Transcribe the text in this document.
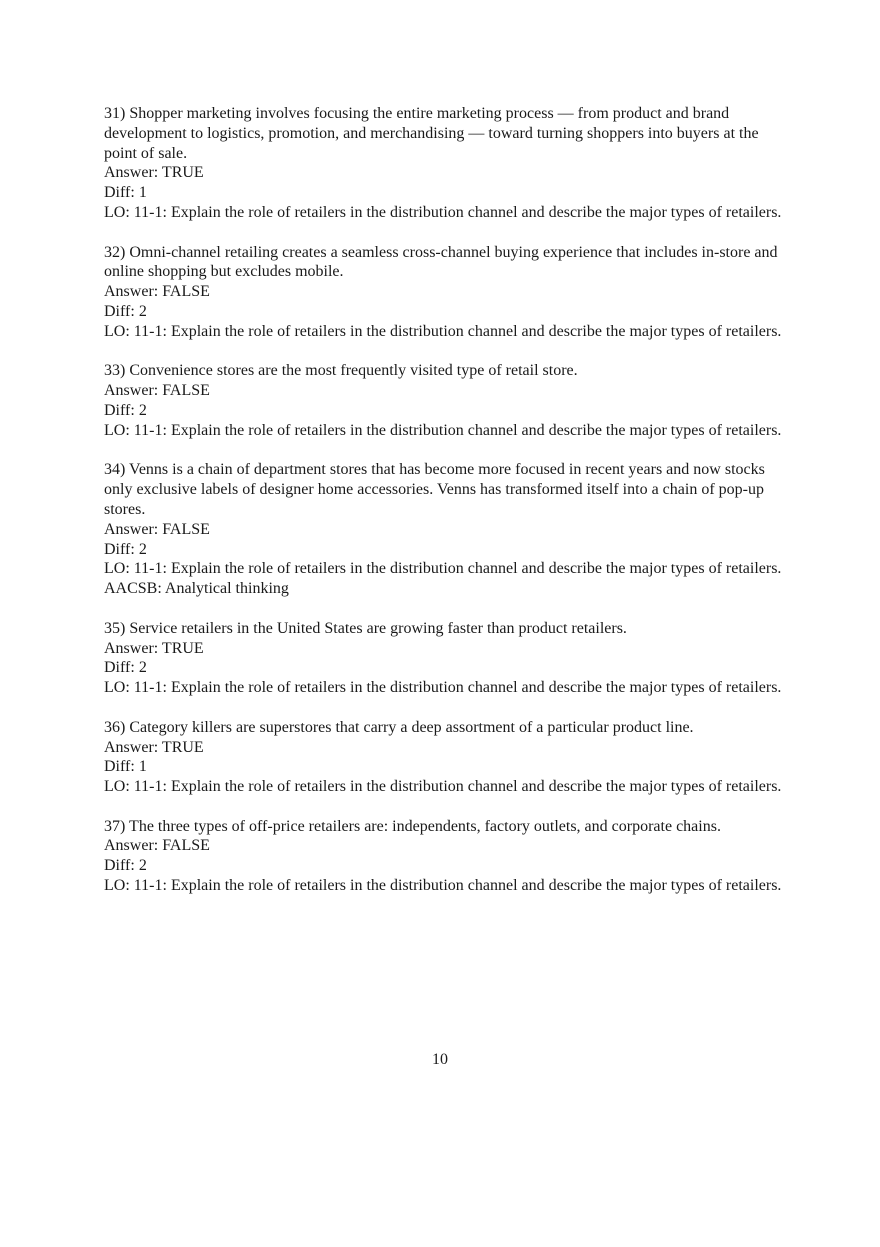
31) Shopper marketing involves focusing the entire marketing process — from product and brand development to logistics, promotion, and merchandising — toward turning shoppers into buyers at the point of sale.

Answer: TRUE

Diff: 1

LO: 11-1: Explain the role of retailers in the distribution channel and describe the major types of retailers.

32) Omni-channel retailing creates a seamless cross-channel buying experience that includes in-store and online shopping but excludes mobile.

Answer: FALSE

Diff: 2

LO: 11-1: Explain the role of retailers in the distribution channel and describe the major types of retailers.

33) Convenience stores are the most frequently visited type of retail store.

Answer: FALSE

Diff: 2

LO: 11-1: Explain the role of retailers in the distribution channel and describe the major types of retailers.

34) Venns is a chain of department stores that has become more focused in recent years and now stocks only exclusive labels of designer home accessories. Venns has transformed itself into a chain of pop-up stores.

Answer: FALSE

Diff: 2

LO: 11-1: Explain the role of retailers in the distribution channel and describe the major types of retailers.

AACSB: Analytical thinking

35) Service retailers in the United States are growing faster than product retailers.

Answer: TRUE

Diff: 2

LO: 11-1: Explain the role of retailers in the distribution channel and describe the major types of retailers.

36) Category killers are superstores that carry a deep assortment of a particular product line.

Answer: TRUE

Diff: 1

LO: 11-1: Explain the role of retailers in the distribution channel and describe the major types of retailers.

37) The three types of off-price retailers are: independents, factory outlets, and corporate chains.

Answer: FALSE

Diff: 2

LO: 11-1: Explain the role of retailers in the distribution channel and describe the major types of retailers.

10
